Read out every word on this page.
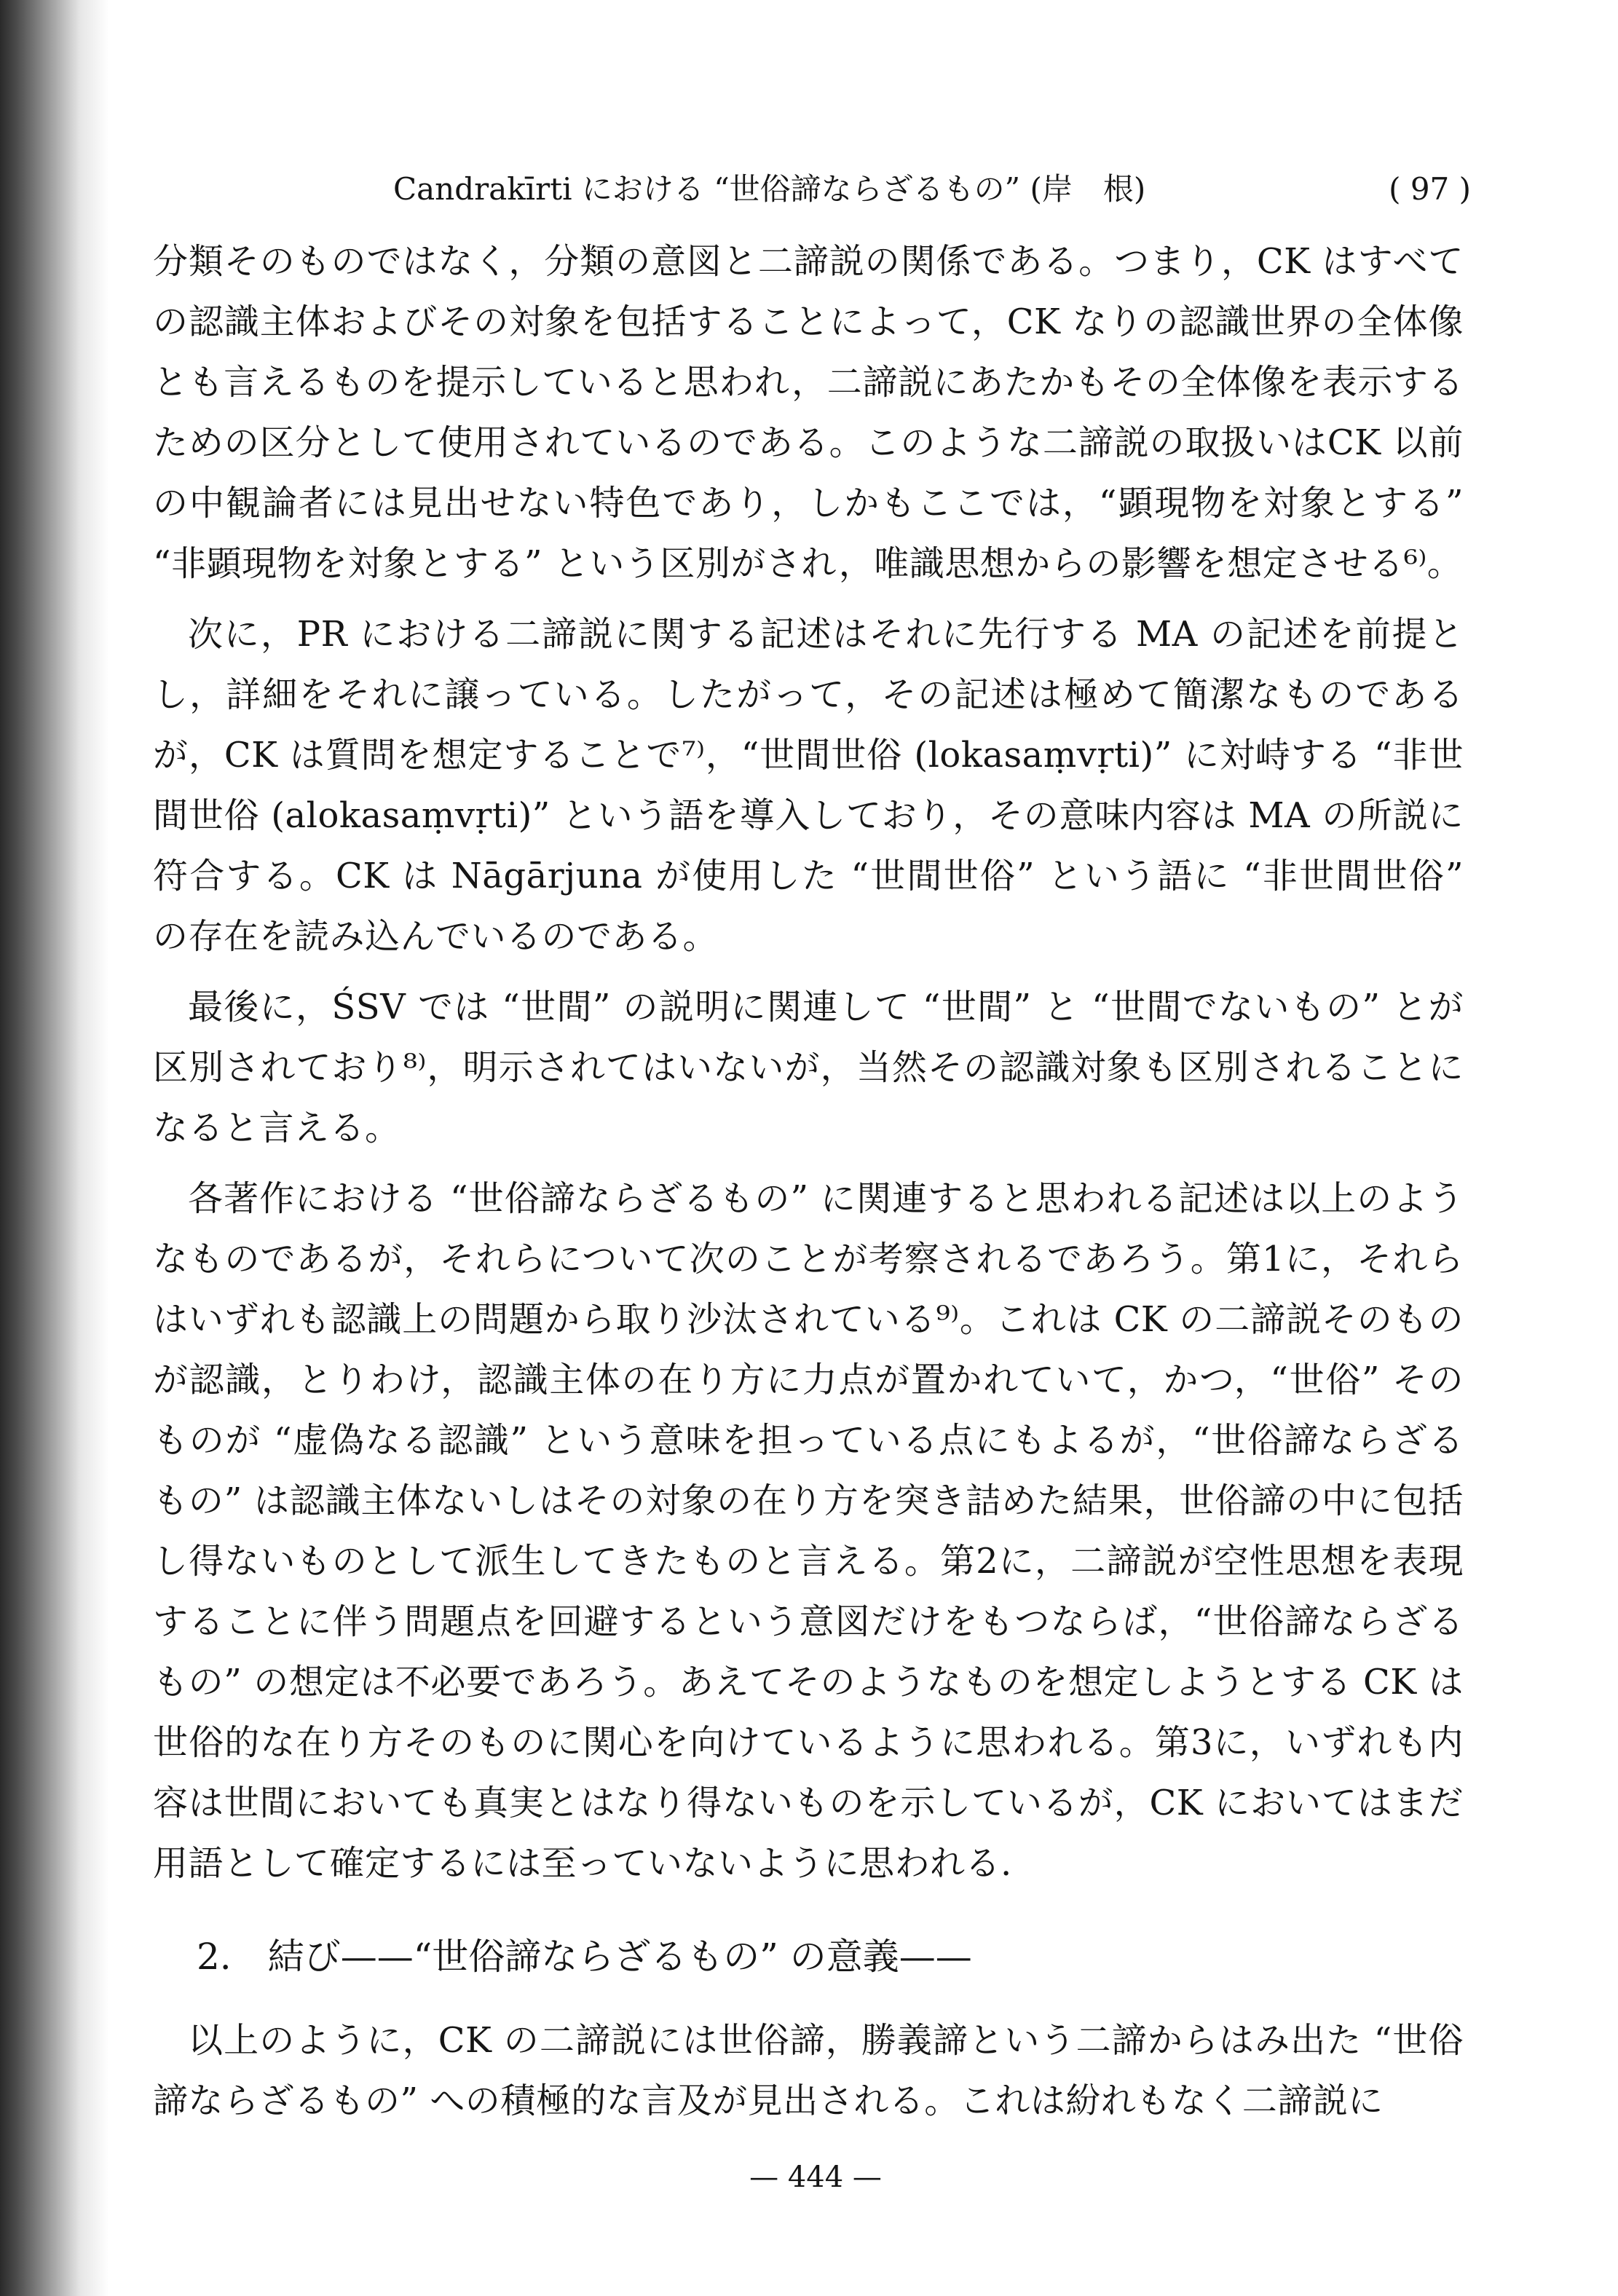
Candrakīrti における “世俗諦ならざるもの” (岸　根)	( 97 )

分類そのものではなく，分類の意図と二諦説の関係である。つまり，CK はすべての認識主体およびその対象を包括することによって，CK なりの認識世界の全体像とも言えるものを提示していると思われ，二諦説にあたかもその全体像を表示するための区分として使用されているのである。このような二諦説の取扱いはCK 以前の中観論者には見出せない特色であり，しかもここでは，“顕現物を対象とする” “非顕現物を対象とする” という区別がされ，唯識思想からの影響を想定させる⁶⁾。

次に，PR における二諦説に関する記述はそれに先行する MA の記述を前提とし，詳細をそれに譲っている。したがって，その記述は極めて簡潔なものであるが，CK は質問を想定することで⁷⁾，“世間世俗 (lokasaṃvṛti)” に対峙する “非世間世俗 (alokasaṃvṛti)” という語を導入しており，その意味内容は MA の所説に符合する。CK は Nāgārjuna が使用した “世間世俗” という語に “非世間世俗” の存在を読み込んでいるのである。

最後に，ŚSV では “世間” の説明に関連して “世間” と “世間でないもの” とが区別されており⁸⁾，明示されてはいないが，当然その認識対象も区別されることになると言える。

各著作における “世俗諦ならざるもの” に関連すると思われる記述は以上のようなものであるが，それらについて次のことが考察されるであろう。第1に，それらはいずれも認識上の問題から取り沙汰されている⁹⁾。これは CK の二諦説そのものが認識，とりわけ，認識主体の在り方に力点が置かれていて，かつ，“世俗” そのものが “虚偽なる認識” という意味を担っている点にもよるが，“世俗諦ならざるもの” は認識主体ないしはその対象の在り方を突き詰めた結果，世俗諦の中に包括し得ないものとして派生してきたものと言える。第2に，二諦説が空性思想を表現することに伴う問題点を回避するという意図だけをもつならば，“世俗諦ならざるもの” の想定は不必要であろう。あえてそのようなものを想定しようとする CK は世俗的な在り方そのものに関心を向けているように思われる。第3に，いずれも内容は世間においても真実とはなり得ないものを示しているが，CK においてはまだ用語として確定するには至っていないように思われる.

2.　結び——“世俗諦ならざるもの” の意義——

以上のように，CK の二諦説には世俗諦，勝義諦という二諦からはみ出た “世俗諦ならざるもの” への積極的な言及が見出される。これは紛れもなく二諦説に

— 444 —
